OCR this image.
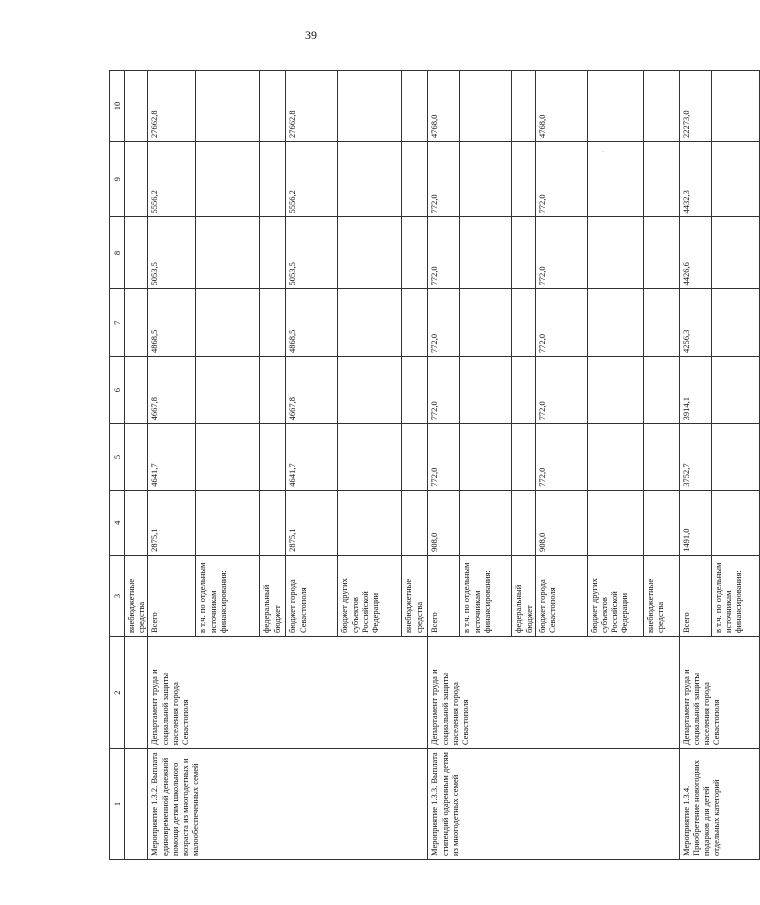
39
·
1	2	3	4	5	6	7	8	9	10
		внебюджетные средства							
Мероприятие 1.3.2. Выплата единовременной денежной помощи детям школьного возраста из многодетных и малообеспеченных семей	Департамент труда и социальной защиты населения города Севастополя	Всего	2875,1	4641,7	4667,8	4868,5	5053,5	5556,2	27662,8
		в т.ч. по отдельным источникам финансирования:							
		федеральный бюджет							
		бюджет города Севастополя	2875,1	4641,7	4667,8	4868,5	5053,5	5556,2	27662,8
		бюджет других субъектов Российской Федерации							
		внебюджетные средства							
Мероприятие 1.3.3. Выплата стипендий одаренным детям из многодетных семей	Департамент труда и социальной защиты населения города Севастополя	Всего	908,0	772,0	772,0	772,0	772,0	772,0	4768,0
		в т.ч. по отдельным источникам финансирования:							
		федеральный бюджет							
		бюджет города Севастополя	908,0	772,0	772,0	772,0	772,0	772,0	4768,0
		бюджет других субъектов Российской Федерации							
		внебюджетные средства							
Мероприятие 1.3.4. Приобретение новогодних подарков для детей отдельных категорий	Департамент труда и социальной защиты населения города Севастополя	Всего	1491,0	3752,7	3914,1	4256,3	4426,6	4432,3	22273,0
		в т.ч. по отдельным источникам финансирования:							
